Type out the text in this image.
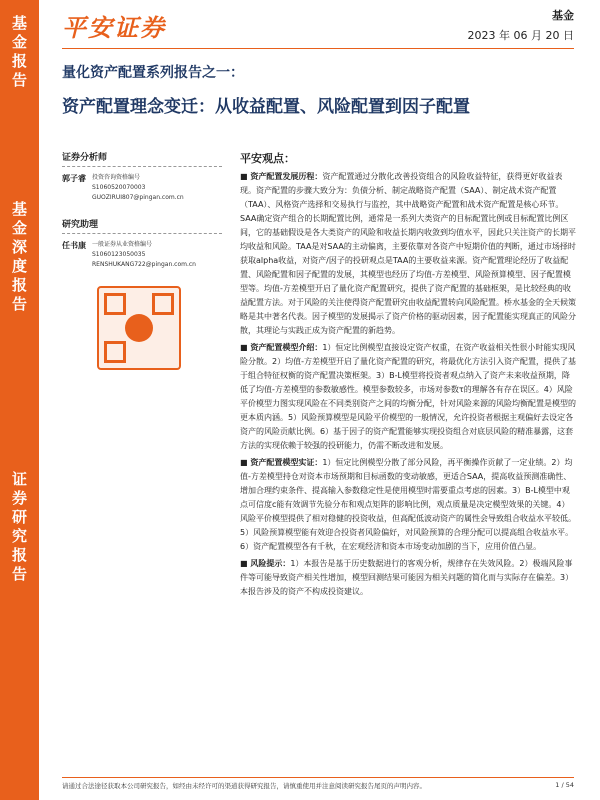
基
金
报
告
基
金
深
度
报
告
证
券
研
究
报
告
平安证券	基金
2023 年 06 月 20 日
量化资产配置系列报告之一：
资产配置理念变迁：从收益配置、风险配置到因子配置
证券分析师
郭子睿 投资咨询资格编号
S1060520070003
GUOZIRUI807@pingan.com.cn
研究助理
任书康 一般证券从业资格编号
S1060123050035
RENSHUKANG722@pingan.com.cn
平安观点：

■ 资产配置发展历程：资产配置通过分散化改善投资组合的风险收益特征，获得更好收益表现。资产配置的步骤大致分为：负债分析、制定战略资产配置（SAA）、制定战术资产配置（TAA）、风格资产选择和交易执行与监控，其中战略资产配置和战术资产配置是核心环节。SAA确定资产组合的长期配置比例，通常是一系列大类资产的目标配置比例或目标配置比例区间，它的基础假设是各大类资产的风险和收益长期内收敛到均值水平，因此只关注资产的长期平均收益和风险。TAA是对SAA的主动偏离，主要依靠对各资产中短期价值的判断，通过市场择时获取alpha收益，对资产/因子的投研观点是TAA的主要收益来源。资产配置理论经历了收益配置、风险配置和因子配置的发展，其模型也经历了均值-方差模型、风险预算模型、因子配置模型等。均值-方差模型开启了量化资产配置研究，提供了资产配置的基础框架，是比较经典的收益配置方法。对于风险的关注使得资产配置研究由收益配置转向风险配置。桥水基金的全天候策略是其中著名代表。因子模型的发展揭示了资产价格的驱动因素，因子配置能实现真正的风险分散，其理论与实践正成为资产配置的新趋势。

■ 资产配置模型介绍：1）恒定比例模型直接设定资产权重，在资产收益相关性很小时能实现风险分散。2）均值-方差模型开启了量化资产配置的研究，将最优化方法引入资产配置，提供了基于组合特征权衡的资产配置决策框架。3）B-L模型将投资者观点纳入了资产未来收益预期，降低了均值-方差模型的参数敏感性。模型参数较多，市场对参数τ的理解各有存在误区。4）风险平价模型力图实现风险在不同类别资产之间的均衡分配，针对风险来源的风险均衡配置是模型的更本质内涵。5）风险预算模型是风险平价模型的一般情况，允许投资者根据主观偏好去设定各资产的风险贡献比例。6）基于因子的资产配置能够实现投资组合对底层风险的精准暴露，这套方法的实现依赖于较强的投研能力，仍需不断改进和发展。

■ 资产配置模型实证：1）恒定比例模型分散了部分风险，再平衡操作贡献了一定业绩。2）均值-方差模型持仓对资本市场预期和目标函数的变动敏感，更适合SAA，提高收益预测准确性、增加合理约束条件、提高输入参数稳定性是使用模型时需要重点考虑的因素。3）B-L模型中观点可信度c能有效调节先验分布和观点矩阵的影响比例，观点质量是决定模型效果的关键。4）风险平价模型提供了相对稳健的投资收益，但高配低波动资产的属性会导致组合收益水平较低。5）风险预算模型能有效迎合投资者风险偏好，对风险预算的合理分配可以提高组合收益水平。6）资产配置模型各有千秋，在宏观经济和资本市场变动加剧的当下，应用价值凸显。

■ 风险提示：1）本报告是基于历史数据进行的客观分析，规律存在失效风险。2）极端风险事件等可能导致资产相关性增加，模型回测结果可能因为相关问题的简化而与实际存在偏差。3）本报告涉及的资产不构成投资建议。

请通过合法途径获取本公司研究报告，如经由未经许可的渠道获得研究报告，请慎重使用并注意阅读研究报告尾页的声明内容。	1 / 54
